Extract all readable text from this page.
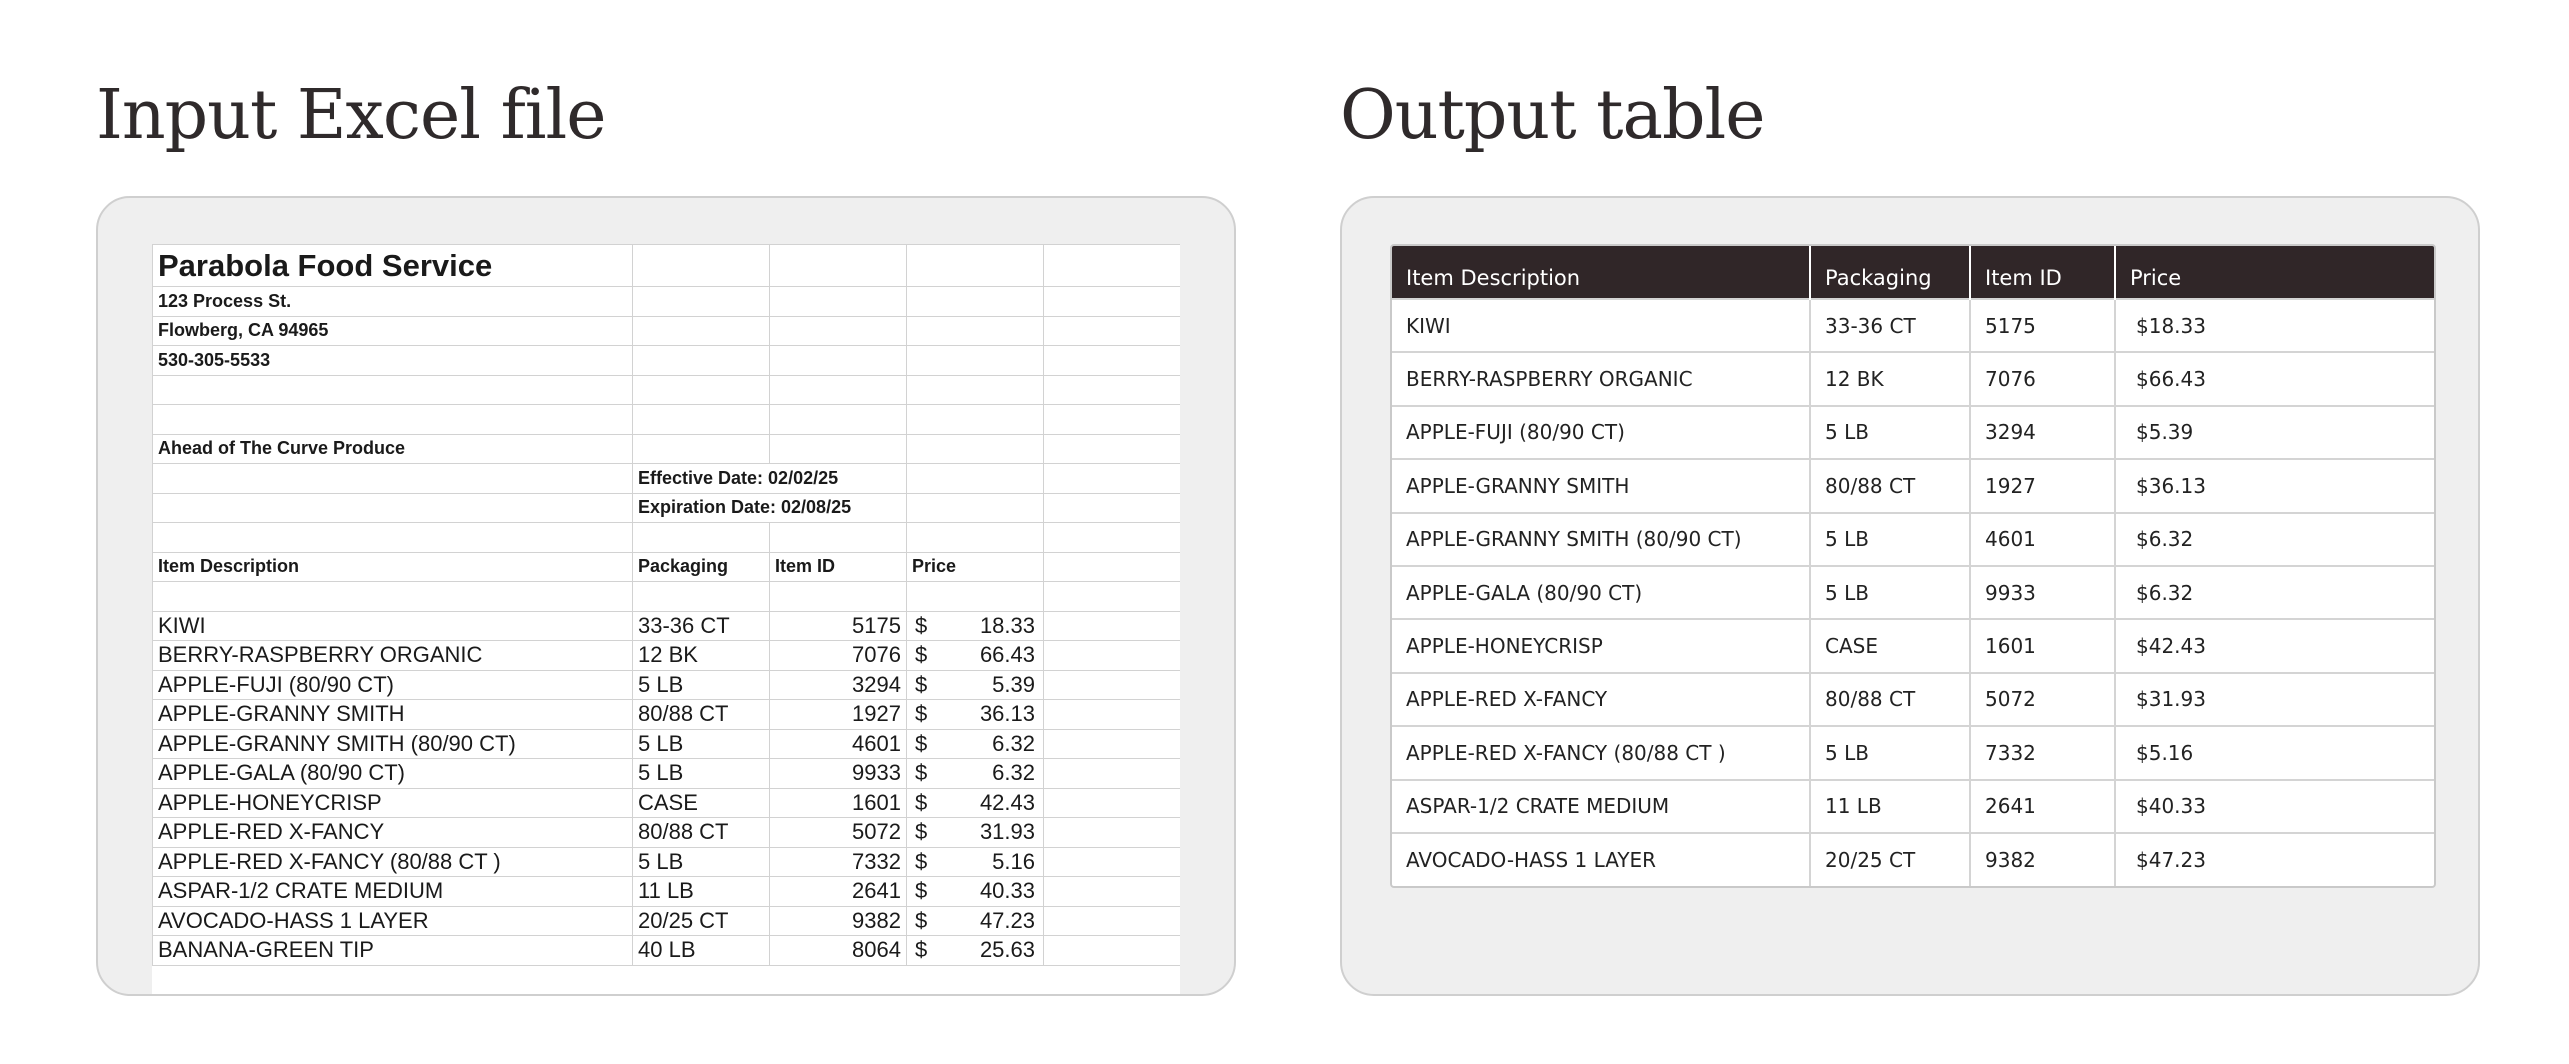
Input Excel file	Output table
Parabola Food Service				
123 Process St.				
Flowberg, CA 94965				
530-305-5533				

Ahead of The Curve Produce				
	Effective Date: 02/02/25			
	Expiration Date: 02/08/25			

Item Description	Packaging	Item ID	Price	

KIWI	33-36 CT	5175	$ 18.33	

BERRY-RASPBERRY ORGANIC	12 BK	7076	$ 66.43	

APPLE-FUJI (80/90 CT)	5 LB	3294	$ 5.39	

APPLE-GRANNY SMITH	80/88 CT	1927	$ 36.13	

APPLE-GRANNY SMITH (80/90 CT)	5 LB	4601	$ 6.32	

APPLE-GALA (80/90 CT)	5 LB	9933	$ 6.32	

APPLE-HONEYCRISP	CASE	1601	$ 42.43	

APPLE-RED X-FANCY	80/88 CT	5072	$ 31.93	

APPLE-RED X-FANCY (80/88 CT )	5 LB	7332	$ 5.16	

ASPAR-1/2 CRATE MEDIUM	11 LB	2641	$ 40.33	

AVOCADO-HASS 1 LAYER	20/25 CT	9382	$ 47.23	

BANANA-GREEN TIP	40 LB	8064	$ 25.63	

Item Description	Packaging	Item ID	Price
KIWI	33-36 CT	5175	$18.33
BERRY-RASPBERRY ORGANIC	12 BK	7076	$66.43
APPLE-FUJI (80/90 CT)	5 LB	3294	$5.39
APPLE-GRANNY SMITH	80/88 CT	1927	$36.13
APPLE-GRANNY SMITH (80/90 CT)	5 LB	4601	$6.32
APPLE-GALA (80/90 CT)	5 LB	9933	$6.32
APPLE-HONEYCRISP	CASE	1601	$42.43
APPLE-RED X-FANCY	80/88 CT	5072	$31.93
APPLE-RED X-FANCY (80/88 CT )	5 LB	7332	$5.16
ASPAR-1/2 CRATE MEDIUM	11 LB	2641	$40.33
AVOCADO-HASS 1 LAYER	20/25 CT	9382	$47.23
